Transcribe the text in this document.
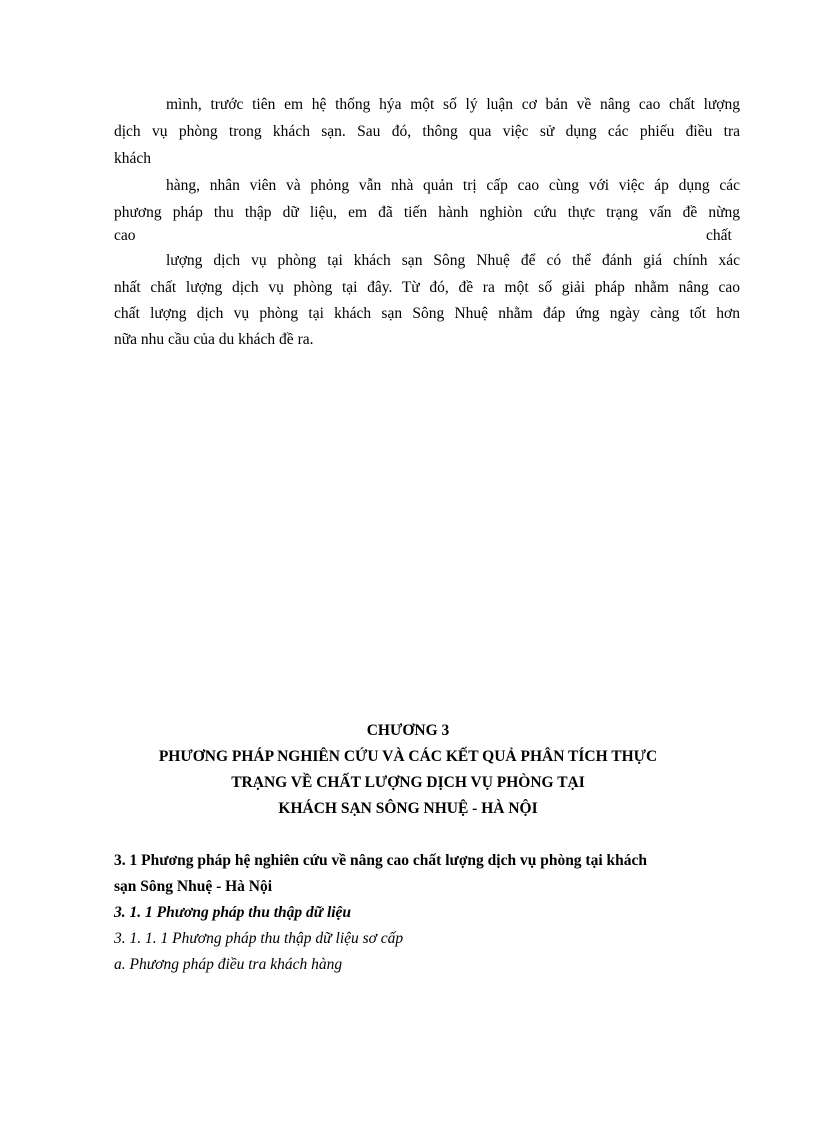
mình, trước tiên em hệ thống hýa một số lý luận cơ bản về nâng cao chất lượng
dịch vụ phòng trong khách sạn. Sau đó, thông qua việc sử dụng các phiếu điều tra
khách
hàng, nhân viên và phỏng vẫn nhà quản trị cấp cao cùng với việc áp dụng các
phương pháp thu thập dữ liệu, em đã tiến hành nghiòn cứu thực trạng vấn đề nừng
cao	chất
lượng dịch vụ phòng tại khách sạn Sông Nhuệ để có thể đánh giá chính xác
nhất chất lượng dịch vụ phòng tại đây. Từ đó, đề ra một số giải pháp nhằm nâng cao
chất lượng dịch vụ phòng tại khách sạn Sông Nhuệ nhằm đáp ứng ngày càng tốt hơn
nữa nhu cầu của du khách đề ra.
CHƯƠNG 3
PHƯƠNG PHÁP NGHIÊN CỨU VÀ CÁC KẾT QUẢ PHÂN TÍCH THỰC
TRẠNG VỀ CHẤT LƯỢNG DỊCH VỤ PHÒNG TẠI
KHÁCH SẠN SÔNG NHUỆ - HÀ NỘI
3. 1 Phương pháp hệ nghiên cứu về nâng cao chất lượng dịch vụ phòng tại khách
sạn Sông Nhuệ - Hà Nội
3. 1. 1 Phương pháp thu thập dữ liệu
3. 1. 1. 1 Phương pháp thu thập dữ liệu sơ cấp
a. Phương pháp điều tra khách hàng
